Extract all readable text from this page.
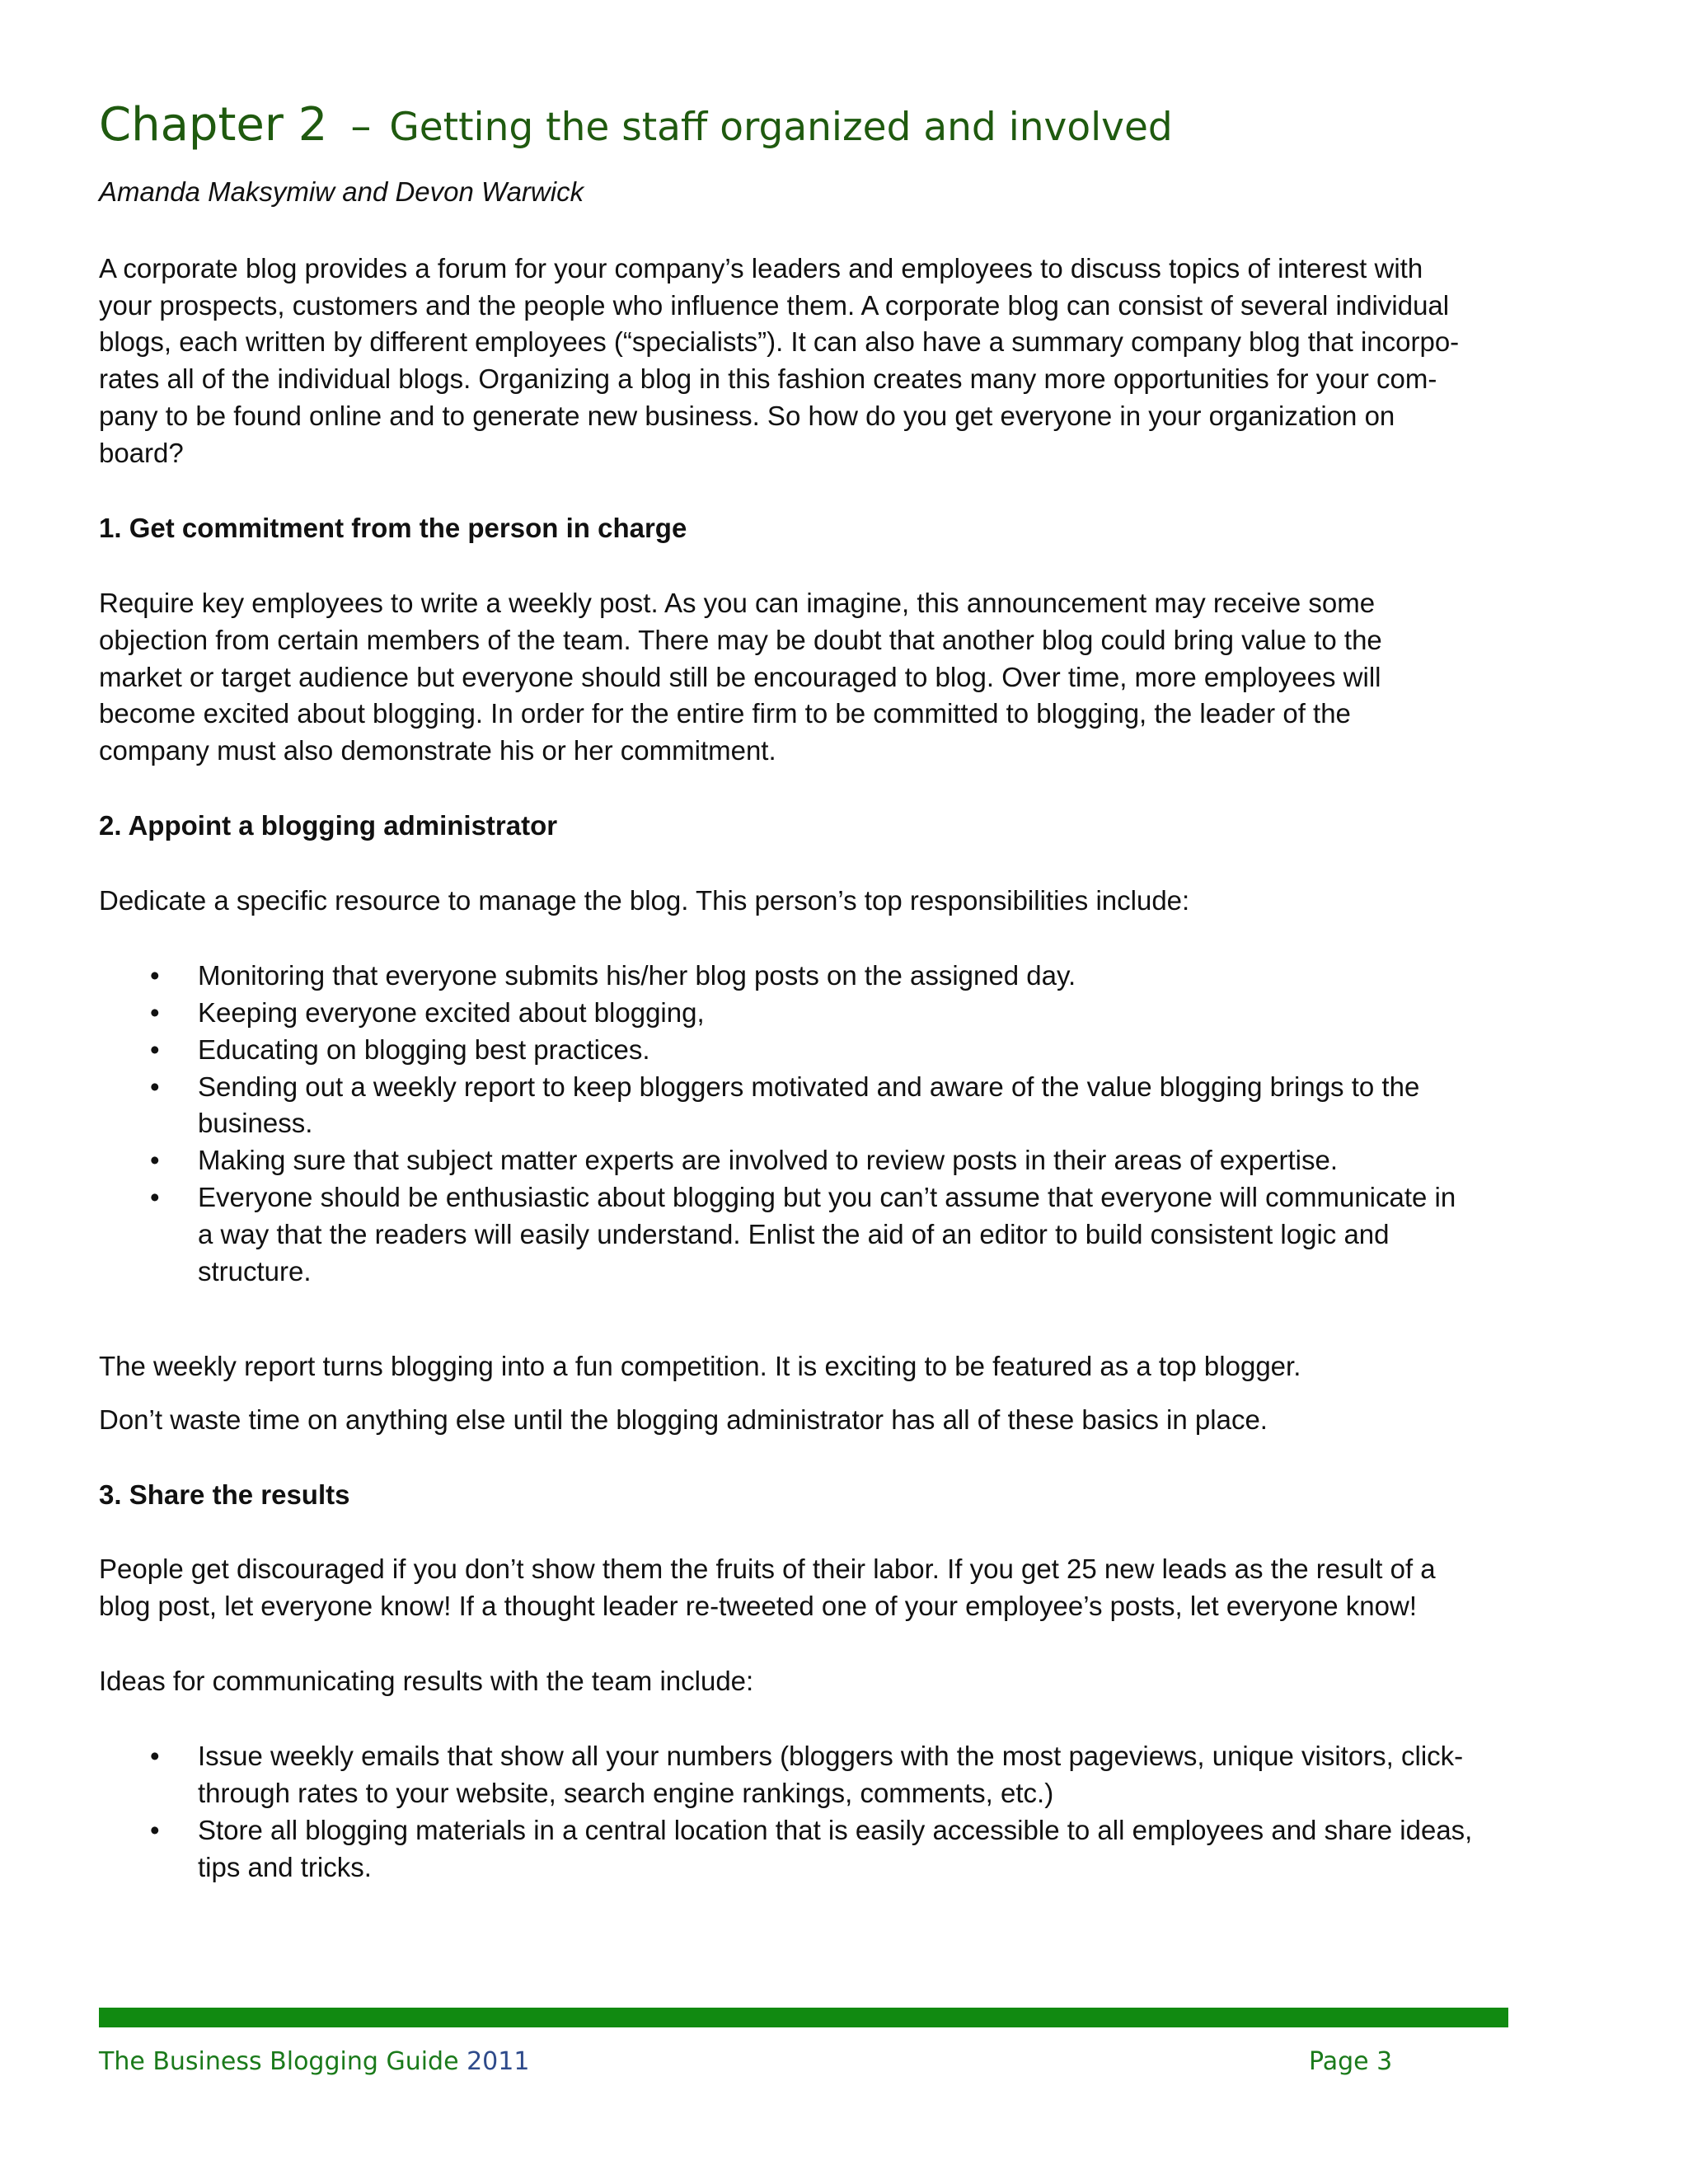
Chapter 2 – Getting the staff organized and involved

Amanda Maksymiw and Devon Warwick

A corporate blog provides a forum for your company’s leaders and employees to discuss topics of interest with
your prospects, customers and the people who influence them. A corporate blog can consist of several individual
blogs, each written by different employees (“specialists”). It can also have a summary company blog that incorpo-
rates all of the individual blogs. Organizing a blog in this fashion creates many more opportunities for your com-
pany to be found online and to generate new business. So how do you get everyone in your organization on
board?

1. Get commitment from the person in charge

Require key employees to write a weekly post. As you can imagine, this announcement may receive some
objection from certain members of the team. There may be doubt that another blog could bring value to the
market or target audience but everyone should still be encouraged to blog. Over time, more employees will
become excited about blogging. In order for the entire firm to be committed to blogging, the leader of the
company must also demonstrate his or her commitment.

2. Appoint a blogging administrator

Dedicate a specific resource to manage the blog. This person’s top responsibilities include:

• Monitoring that everyone submits his/her blog posts on the assigned day.
• Keeping everyone excited about blogging,
• Educating on blogging best practices.
• Sending out a weekly report to keep bloggers motivated and aware of the value blogging brings to the
business.
• Making sure that subject matter experts are involved to review posts in their areas of expertise.
• Everyone should be enthusiastic about blogging but you can’t assume that everyone will communicate in
a way that the readers will easily understand. Enlist the aid of an editor to build consistent logic and
structure.

The weekly report turns blogging into a fun competition. It is exciting to be featured as a top blogger.

Don’t waste time on anything else until the blogging administrator has all of these basics in place.

3. Share the results

People get discouraged if you don’t show them the fruits of their labor. If you get 25 new leads as the result of a
blog post, let everyone know! If a thought leader re-tweeted one of your employee’s posts, let everyone know!

Ideas for communicating results with the team include:

• Issue weekly emails that show all your numbers (bloggers with the most pageviews, unique visitors, click-
through rates to your website, search engine rankings, comments, etc.)
• Store all blogging materials in a central location that is easily accessible to all employees and share ideas,
tips and tricks.
The Business Blogging Guide 2011	Page 3
